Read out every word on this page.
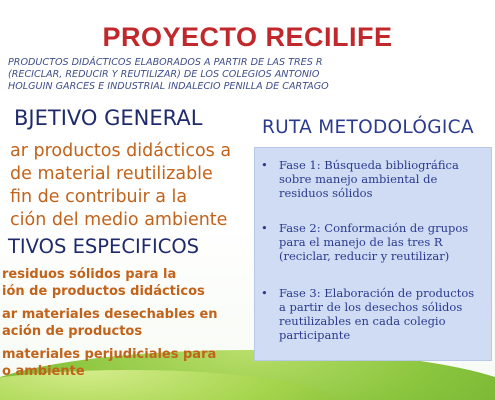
PROYECTO RECILIFE
PRODUCTOS DIDÁCTICOS ELABORADOS A PARTIR DE LAS TRES R
(RECICLAR, REDUCIR Y REUTILIZAR) DE LOS COLEGIOS ANTONIO
HOLGUIN GARCES E INDUSTRIAL INDALECIO PENILLA DE CARTAGO
BJETIVO GENERAL
ar productos didácticos a
de material reutilizable
fin de contribuir a la
ción del medio ambiente
TIVOS ESPECIFICOS
residuos sólidos para la
ión de productos didácticos
ar materiales desechables en
ación de productos
materiales perjudiciales para
o ambiente
RUTA METODOLÓGICA
• Fase 1: Búsqueda bibliográfica
sobre manejo ambiental de
residuos sólidos
• Fase 2: Conformación de grupos
para el manejo de las tres R
(reciclar, reducir y reutilizar)
• Fase 3: Elaboración de productos
a partir de los desechos sólidos
reutilizables en cada colegio
participante
